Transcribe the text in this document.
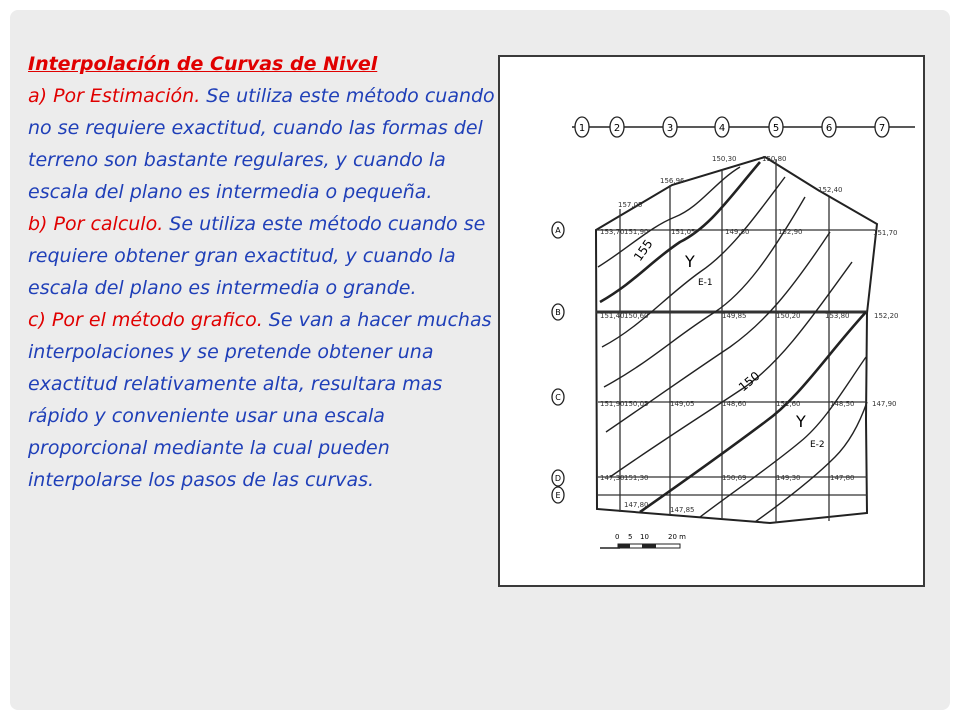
Interpolación de Curvas de Nivel
a) Por Estimación. Se utiliza este método cuando no se requiere exactitud, cuando las formas del terreno son bastante regulares, y cuando la escala del plano es intermedia o pequeña.
b) Por calculo. Se utiliza este método cuando se requiere obtener gran exactitud, y cuando la escala del plano es intermedia o grande.
c) Por el método grafico. Se van a hacer muchas interpolaciones y se pretende obtener una exactitud relativamente alta, resultara mas rápido y conveniente usar una escala proporcional mediante la cual pueden interpolarse los pasos de las curvas.
1	2	3	4	5	6	7
A
B
C
D
E
155
150
Y
E-1
Y
E-2
150,30	150,80
156,96
152,40
157,05
151,70
153,70 151,90	151,05	149,80	152,90
151,40 150,60	149,85	150,20	153,80	152,20
151,90 150,05	149,05	148,60	151,60	148,50	147,90
147,30 151,30	150,69	149,30	147,80
147,80
147,85
0 5 10	20 m
